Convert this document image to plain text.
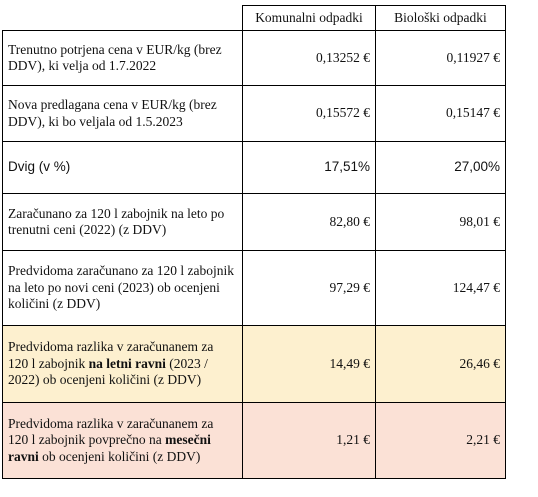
	Komunalni odpadki	Biološki odpadki
Trenutno potrjena cena v EUR/kg (brez DDV), ki velja od 1.7.2022	0,13252 €	0,11927 €
Nova predlagana cena v EUR/kg (brez DDV), ki bo veljala od 1.5.2023	0,15572 €	0,15147 €
Dvig (v %)	17,51%	27,00%
Zaračunano za 120 l zabojnik na leto po trenutni ceni (2022) (z DDV)	82,80 €	98,01 €
Predvidoma zaračunano za 120 l zabojnik na leto po novi ceni (2023) ob ocenjeni količini (z DDV)	97,29 €	124,47 €
Predvidoma razlika v zaračunanem za 120 l zabojnik na letni ravni (2023 / 2022) ob ocenjeni količini (z DDV)	14,49 €	26,46 €
Predvidoma razlika v zaračunanem za 120 l zabojnik povprečno na mesečni ravni ob ocenjeni količini (z DDV)	1,21 €	2,21 €
